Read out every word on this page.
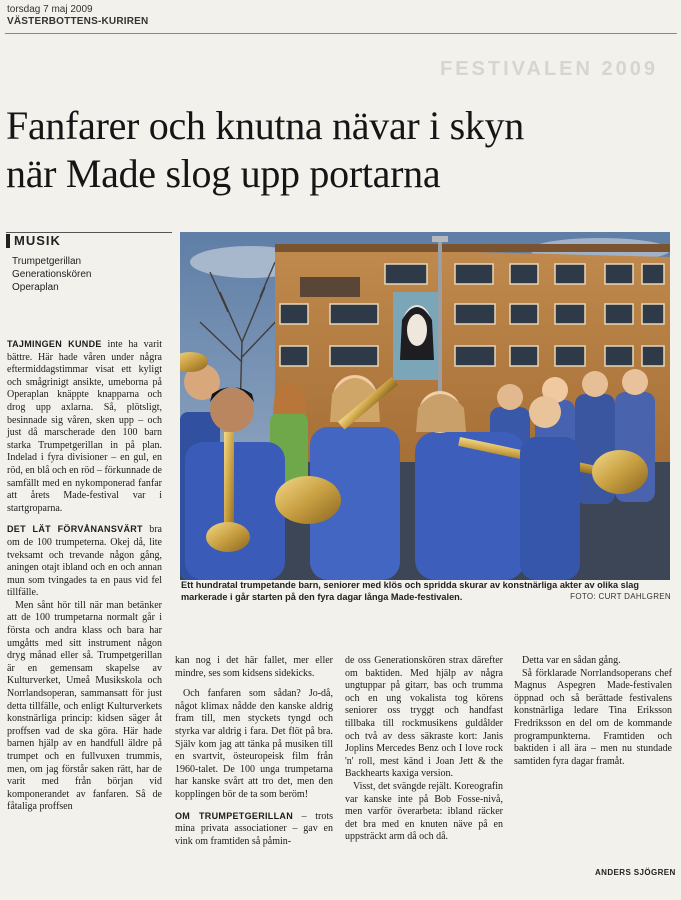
torsdag 7 maj 2009
VÄSTERBOTTENS-KURIREN
FESTIVALEN 2009
Fanfarer och knutna nävar i skyn
när Made slog upp portarna
MUSIK
Trumpetgerillan
Generationskören
Operaplan
Ett hundratal trumpetande barn, seniorer med klös och spridda skurar av konstnärliga akter av olika slag markerade i går starten på den fyra dagar långa Made-festivalen.	FOTO: CURT DAHLGREN

TAJMINGEN KUNDE inte ha varit bättre. Här hade våren under några eftermiddagstimmar visat ett kyligt och smågrinigt ansikte, umeborna på Operaplan knäppte knapparna och drog upp axlarna. Så, plötsligt, besinnade sig våren, sken upp – och just då marscherade den 100 barn starka Trumpetgerillan in på plan. Indelad i fyra divisioner – en gul, en röd, en blå och en röd – förkunnade de samfällt med en nykomponerad fanfar att årets Made-festival var i startgroparna.

DET LÄT FÖRVÅNANSVÄRT bra om de 100 trumpeterna. Okej då, lite tveksamt och trevande någon gång, aningen otajt ibland och en och annan mun som tvingades ta en paus vid fel tillfälle.

Men sånt hör till när man betänker att de 100 trumpetarna normalt går i första och andra klass och bara har umgåtts med sitt instrument någon dryg månad eller så. Trumpetgerillan är en gemensam skapelse av Kulturverket, Umeå Musikskola och Norrlandsoperan, sammansatt för just detta tillfälle, och enligt Kulturverkets konstnärliga princip: kidsen säger åt proffsen vad de ska göra. Här hade barnen hjälp av en handfull äldre på trumpet och en fullvuxen trummis, men, om jag förstår saken rätt, har de varit med från början vid komponerandet av fanfaren. Så de fåtaliga proffsen

kan nog i det här fallet, mer eller mindre, ses som kidsens sidekicks.

Och fanfaren som sådan? Jo-då, något klimax nådde den kanske aldrig fram till, men styckets tyngd och styrka var aldrig i fara. Det flöt på bra. Själv kom jag att tänka på musiken till en svartvit, östeuropeisk film från 1960-talet. De 100 unga trumpetarna har kanske svårt att tro det, men den kopplingen bör de ta som beröm!

OM TRUMPETGERILLAN – trots mina privata associationer – gav en vink om framtiden så påmin-

de oss Generationskören strax därefter om baktiden. Med hjälp av några ungtuppar på gitarr, bas och trumma och en ung vokalista tog körens seniorer oss tryggt och handfast tillbaka till rockmusikens guldålder och två av dess säkraste kort: Janis Joplins Mercedes Benz och I love rock 'n' roll, mest känd i Joan Jett & the Backhearts kaxiga version.

Visst, det svängde rejält. Koreografin var kanske inte på Bob Fosse-nivå, men varför överarbeta: ibland räcker det bra med en knuten näve på en uppsträckt arm då och då.

Detta var en sådan gång.

Så förklarade Norrlandsoperans chef Magnus Aspegren Made-festivalen öppnad och så berättade festivalens konstnärliga ledare Tina Eriksson Fredriksson en del om de kommande programpunkterna. Framtiden och baktiden i all ära – men nu stundade samtiden fyra dagar framåt.

ANDERS SJÖGREN
